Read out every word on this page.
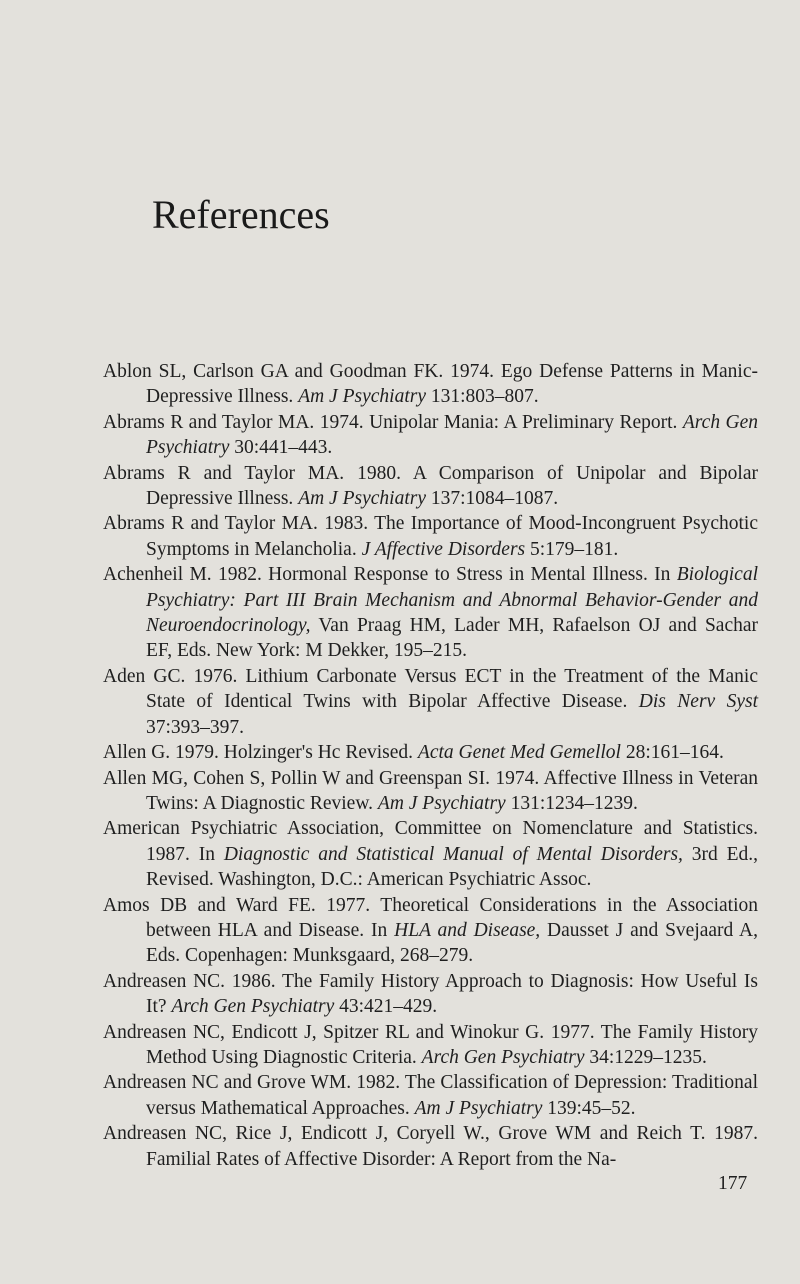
References
Ablon SL, Carlson GA and Goodman FK. 1974. Ego Defense Patterns in Manic-Depressive Illness. Am J Psychiatry 131:803–807.
Abrams R and Taylor MA. 1974. Unipolar Mania: A Preliminary Report. Arch Gen Psychiatry 30:441–443.
Abrams R and Taylor MA. 1980. A Comparison of Unipolar and Bipolar Depressive Illness. Am J Psychiatry 137:1084–1087.
Abrams R and Taylor MA. 1983. The Importance of Mood-Incongruent Psychotic Symptoms in Melancholia. J Affective Disorders 5:179–181.
Achenheil M. 1982. Hormonal Response to Stress in Mental Illness. In Biological Psychiatry: Part III Brain Mechanism and Abnormal Behavior-Gender and Neuroendocrinology, Van Praag HM, Lader MH, Rafaelson OJ and Sachar EF, Eds. New York: M Dekker, 195–215.
Aden GC. 1976. Lithium Carbonate Versus ECT in the Treatment of the Manic State of Identical Twins with Bipolar Affective Disease. Dis Nerv Syst 37:393–397.
Allen G. 1979. Holzinger's Hc Revised. Acta Genet Med Gemellol 28:161–164.
Allen MG, Cohen S, Pollin W and Greenspan SI. 1974. Affective Illness in Veteran Twins: A Diagnostic Review. Am J Psychiatry 131:1234–1239.
American Psychiatric Association, Committee on Nomenclature and Statistics. 1987. In Diagnostic and Statistical Manual of Mental Disorders, 3rd Ed., Revised. Washington, D.C.: American Psychiatric Assoc.
Amos DB and Ward FE. 1977. Theoretical Considerations in the Association between HLA and Disease. In HLA and Disease, Dausset J and Svejaard A, Eds. Copenhagen: Munksgaard, 268–279.
Andreasen NC. 1986. The Family History Approach to Diagnosis: How Useful Is It? Arch Gen Psychiatry 43:421–429.
Andreasen NC, Endicott J, Spitzer RL and Winokur G. 1977. The Family History Method Using Diagnostic Criteria. Arch Gen Psychiatry 34:1229–1235.
Andreasen NC and Grove WM. 1982. The Classification of Depression: Traditional versus Mathematical Approaches. Am J Psychiatry 139:45–52.
Andreasen NC, Rice J, Endicott J, Coryell W., Grove WM and Reich T. 1987. Familial Rates of Affective Disorder: A Report from the Na-
177
